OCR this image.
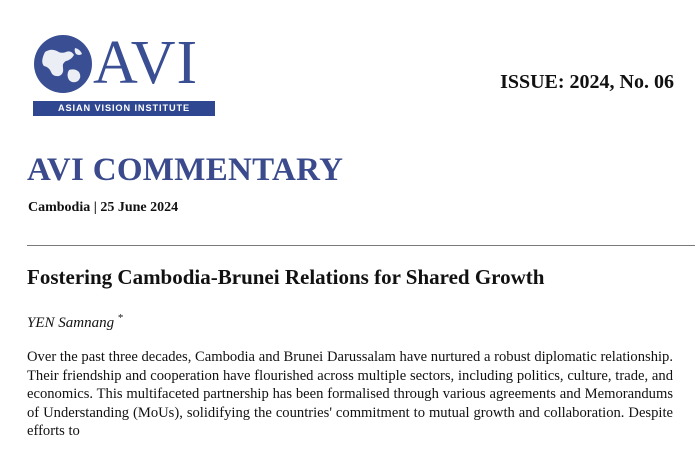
AVI
ASIAN VISION INSTITUTE
ISSUE: 2024, No. 06
AVI COMMENTARY
Cambodia | 25 June 2024
Fostering Cambodia-Brunei Relations for Shared Growth
YEN Samnang *
Over the past three decades, Cambodia and Brunei Darussalam have nurtured a robust diplomatic relationship. Their friendship and cooperation have flourished across multiple sectors, including politics, culture, trade, and economics. This multifaceted partnership has been formalised through various agreements and Memorandums of Understanding (MoUs), solidifying the countries' commitment to mutual growth and collaboration. Despite efforts to
